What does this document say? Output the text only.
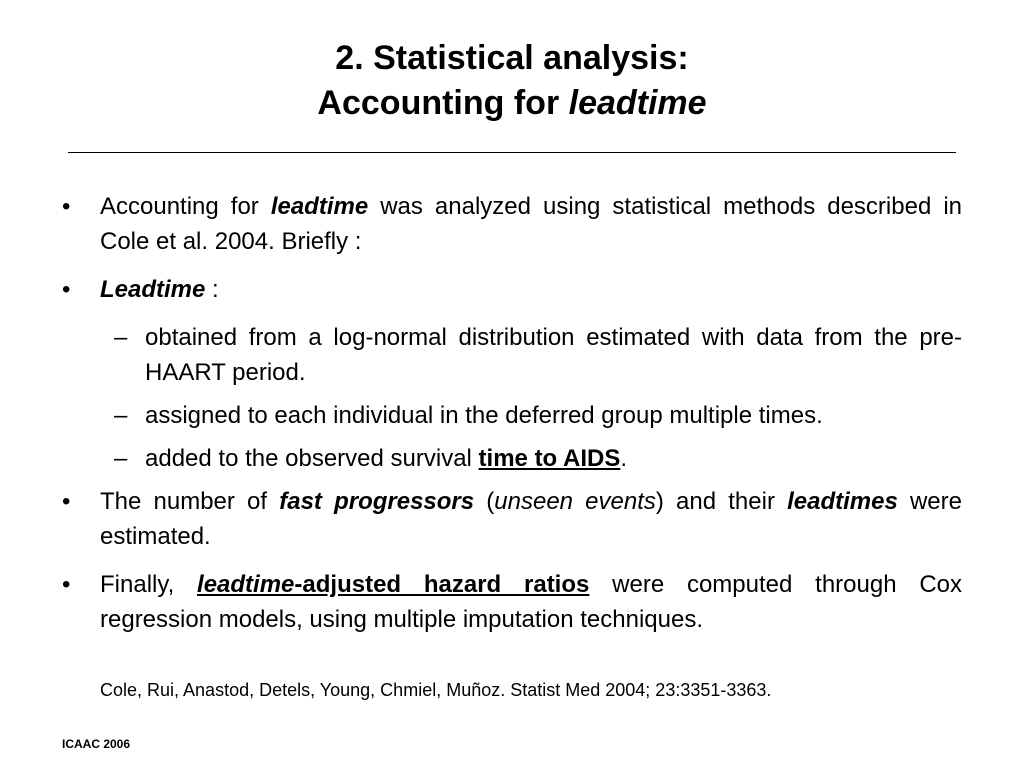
2. Statistical analysis:
Accounting for leadtime
• Accounting for leadtime was analyzed using statistical methods described in Cole et al. 2004. Briefly :
• Leadtime :
– obtained from a log-normal distribution estimated with data from the pre-HAART period.
– assigned to each individual in the deferred group multiple times.
– added to the observed survival time to AIDS.
• The number of fast progressors (unseen events) and their leadtimes were estimated.
• Finally, leadtime-adjusted hazard ratios were computed through Cox regression models, using multiple imputation techniques.
Cole, Rui, Anastod, Detels, Young, Chmiel, Muñoz. Statist Med 2004; 23:3351-3363.
ICAAC 2006
